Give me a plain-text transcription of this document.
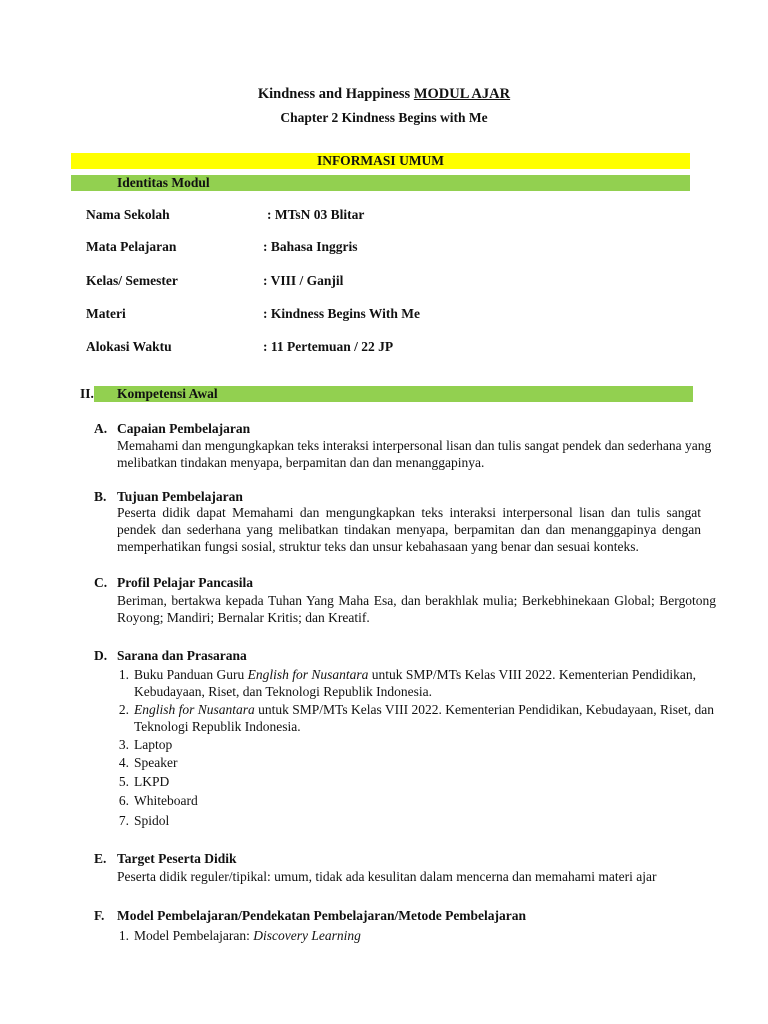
Kindness and Happiness MODUL AJAR
Chapter 2 Kindness Begins with Me
INFORMASI UMUM
Identitas Modul
Nama Sekolah	: MTsN 03 Blitar
Mata Pelajaran	: Bahasa Inggris
Kelas/ Semester	: VIII / Ganjil
Materi	: Kindness Begins With Me
Alokasi Waktu	: 11 Pertemuan / 22 JP
II. Kompetensi Awal
A. Capaian Pembelajaran
Memahami dan mengungkapkan teks interaksi interpersonal lisan dan tulis sangat pendek dan sederhana yang melibatkan tindakan menyapa, berpamitan dan dan menanggapinya.
B. Tujuan Pembelajaran
Peserta didik dapat Memahami dan mengungkapkan teks interaksi interpersonal lisan dan tulis sangat pendek dan sederhana yang melibatkan tindakan menyapa, berpamitan dan dan menanggapinya dengan memperhatikan fungsi sosial, struktur teks dan unsur kebahasaan yang benar dan sesuai konteks.
C. Profil Pelajar Pancasila
Beriman, bertakwa kepada Tuhan Yang Maha Esa, dan berakhlak mulia; Berkebhinekaan Global; Bergotong Royong; Mandiri; Bernalar Kritis; dan Kreatif.
D. Sarana dan Prasarana
1. Buku Panduan Guru English for Nusantara untuk SMP/MTs Kelas VIII 2022. Kementerian Pendidikan, Kebudayaan, Riset, dan Teknologi Republik Indonesia.
2. English for Nusantara untuk SMP/MTs Kelas VIII 2022. Kementerian Pendidikan, Kebudayaan, Riset, dan Teknologi Republik Indonesia.
3. Laptop
4. Speaker
5. LKPD
6. Whiteboard
7. Spidol
E. Target Peserta Didik
Peserta didik reguler/tipikal: umum, tidak ada kesulitan dalam mencerna dan memahami materi ajar
F. Model Pembelajaran/Pendekatan Pembelajaran/Metode Pembelajaran
1. Model Pembelajaran: Discovery Learning
